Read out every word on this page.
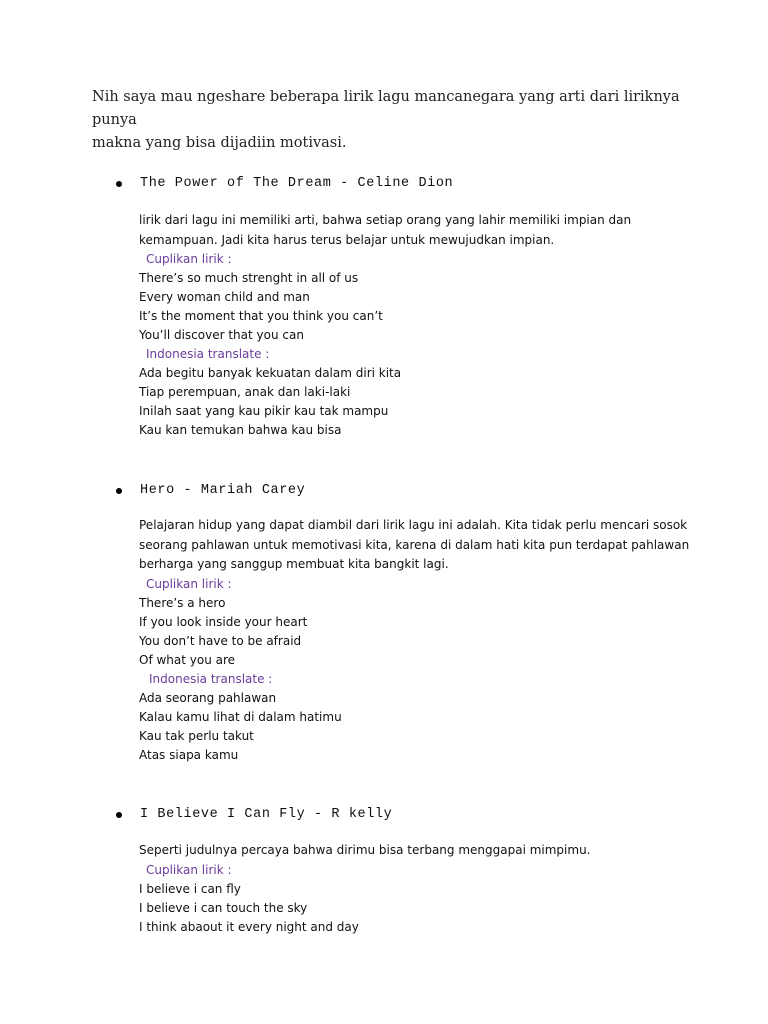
Nih saya mau ngeshare beberapa lirik lagu mancanegara yang arti dari liriknya punya

makna yang bisa dijadiin motivasi.

The Power of The Dream - Celine Dion

lirik dari lagu ini memiliki arti, bahwa setiap orang yang lahir memiliki impian dan

kemampuan. Jadi kita harus terus belajar untuk mewujudkan impian.

Cuplikan lirik :

There’s so much strenght in all of us

Every woman child and man

It’s the moment that you think you can’t

You’ll discover that you can

Indonesia translate :

Ada begitu banyak kekuatan dalam diri kita

Tiap perempuan, anak dan laki-laki

Inilah saat yang kau pikir kau tak mampu

Kau kan temukan bahwa kau bisa

Hero - Mariah Carey

Pelajaran hidup yang dapat diambil dari lirik lagu ini adalah. Kita tidak perlu mencari sosok

seorang pahlawan untuk memotivasi kita, karena di dalam hati kita pun terdapat pahlawan

berharga yang sanggup membuat kita bangkit lagi.

Cuplikan lirik :

There’s a hero

If you look inside your heart

You don’t have to be afraid

Of what you are

Indonesia translate :

Ada seorang pahlawan

Kalau kamu lihat di dalam hatimu

Kau tak perlu takut

Atas siapa kamu

I Believe I Can Fly - R kelly

Seperti judulnya percaya bahwa dirimu bisa terbang menggapai mimpimu.

Cuplikan lirik :

I believe i can fly

I believe i can touch the sky

I think abaout it every night and day
